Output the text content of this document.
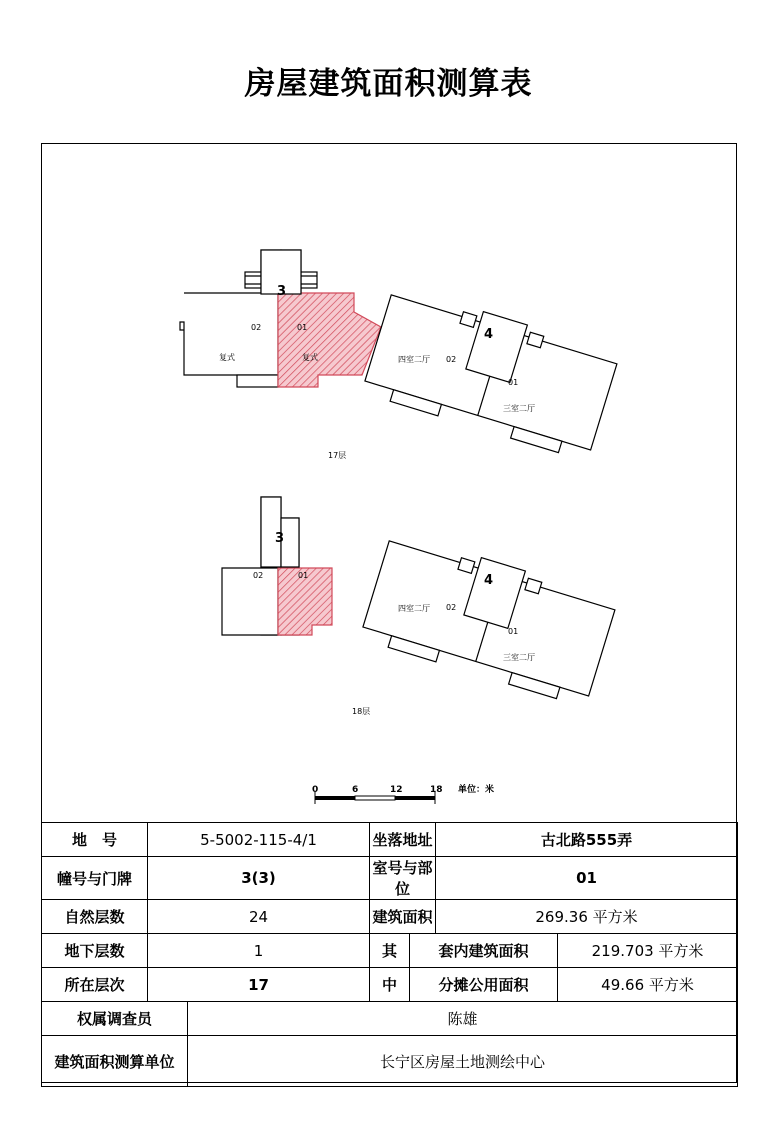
房屋建筑面积测算表
3
02	01
复式	复式
4
02
01
四室二厅
三室二厅
17层
3
02	01	4
02
01
四室二厅
三室二厅
18层
0	6	12	18 单位：米
地　号	5-5002-115-4/1		坐落地址		古北路555弄	
幢号与门牌	3(3)		室号与部位		01	
自然层数	24		建筑面积		269.36 平方米	
地下层数	1		其	套内建筑面积		219.703 平方米
所在层次	17		中	分摊公用面积		49.66 平方米
权属调查员		陈雄				
建筑面积测算单位		长宁区房屋土地测绘中心				
